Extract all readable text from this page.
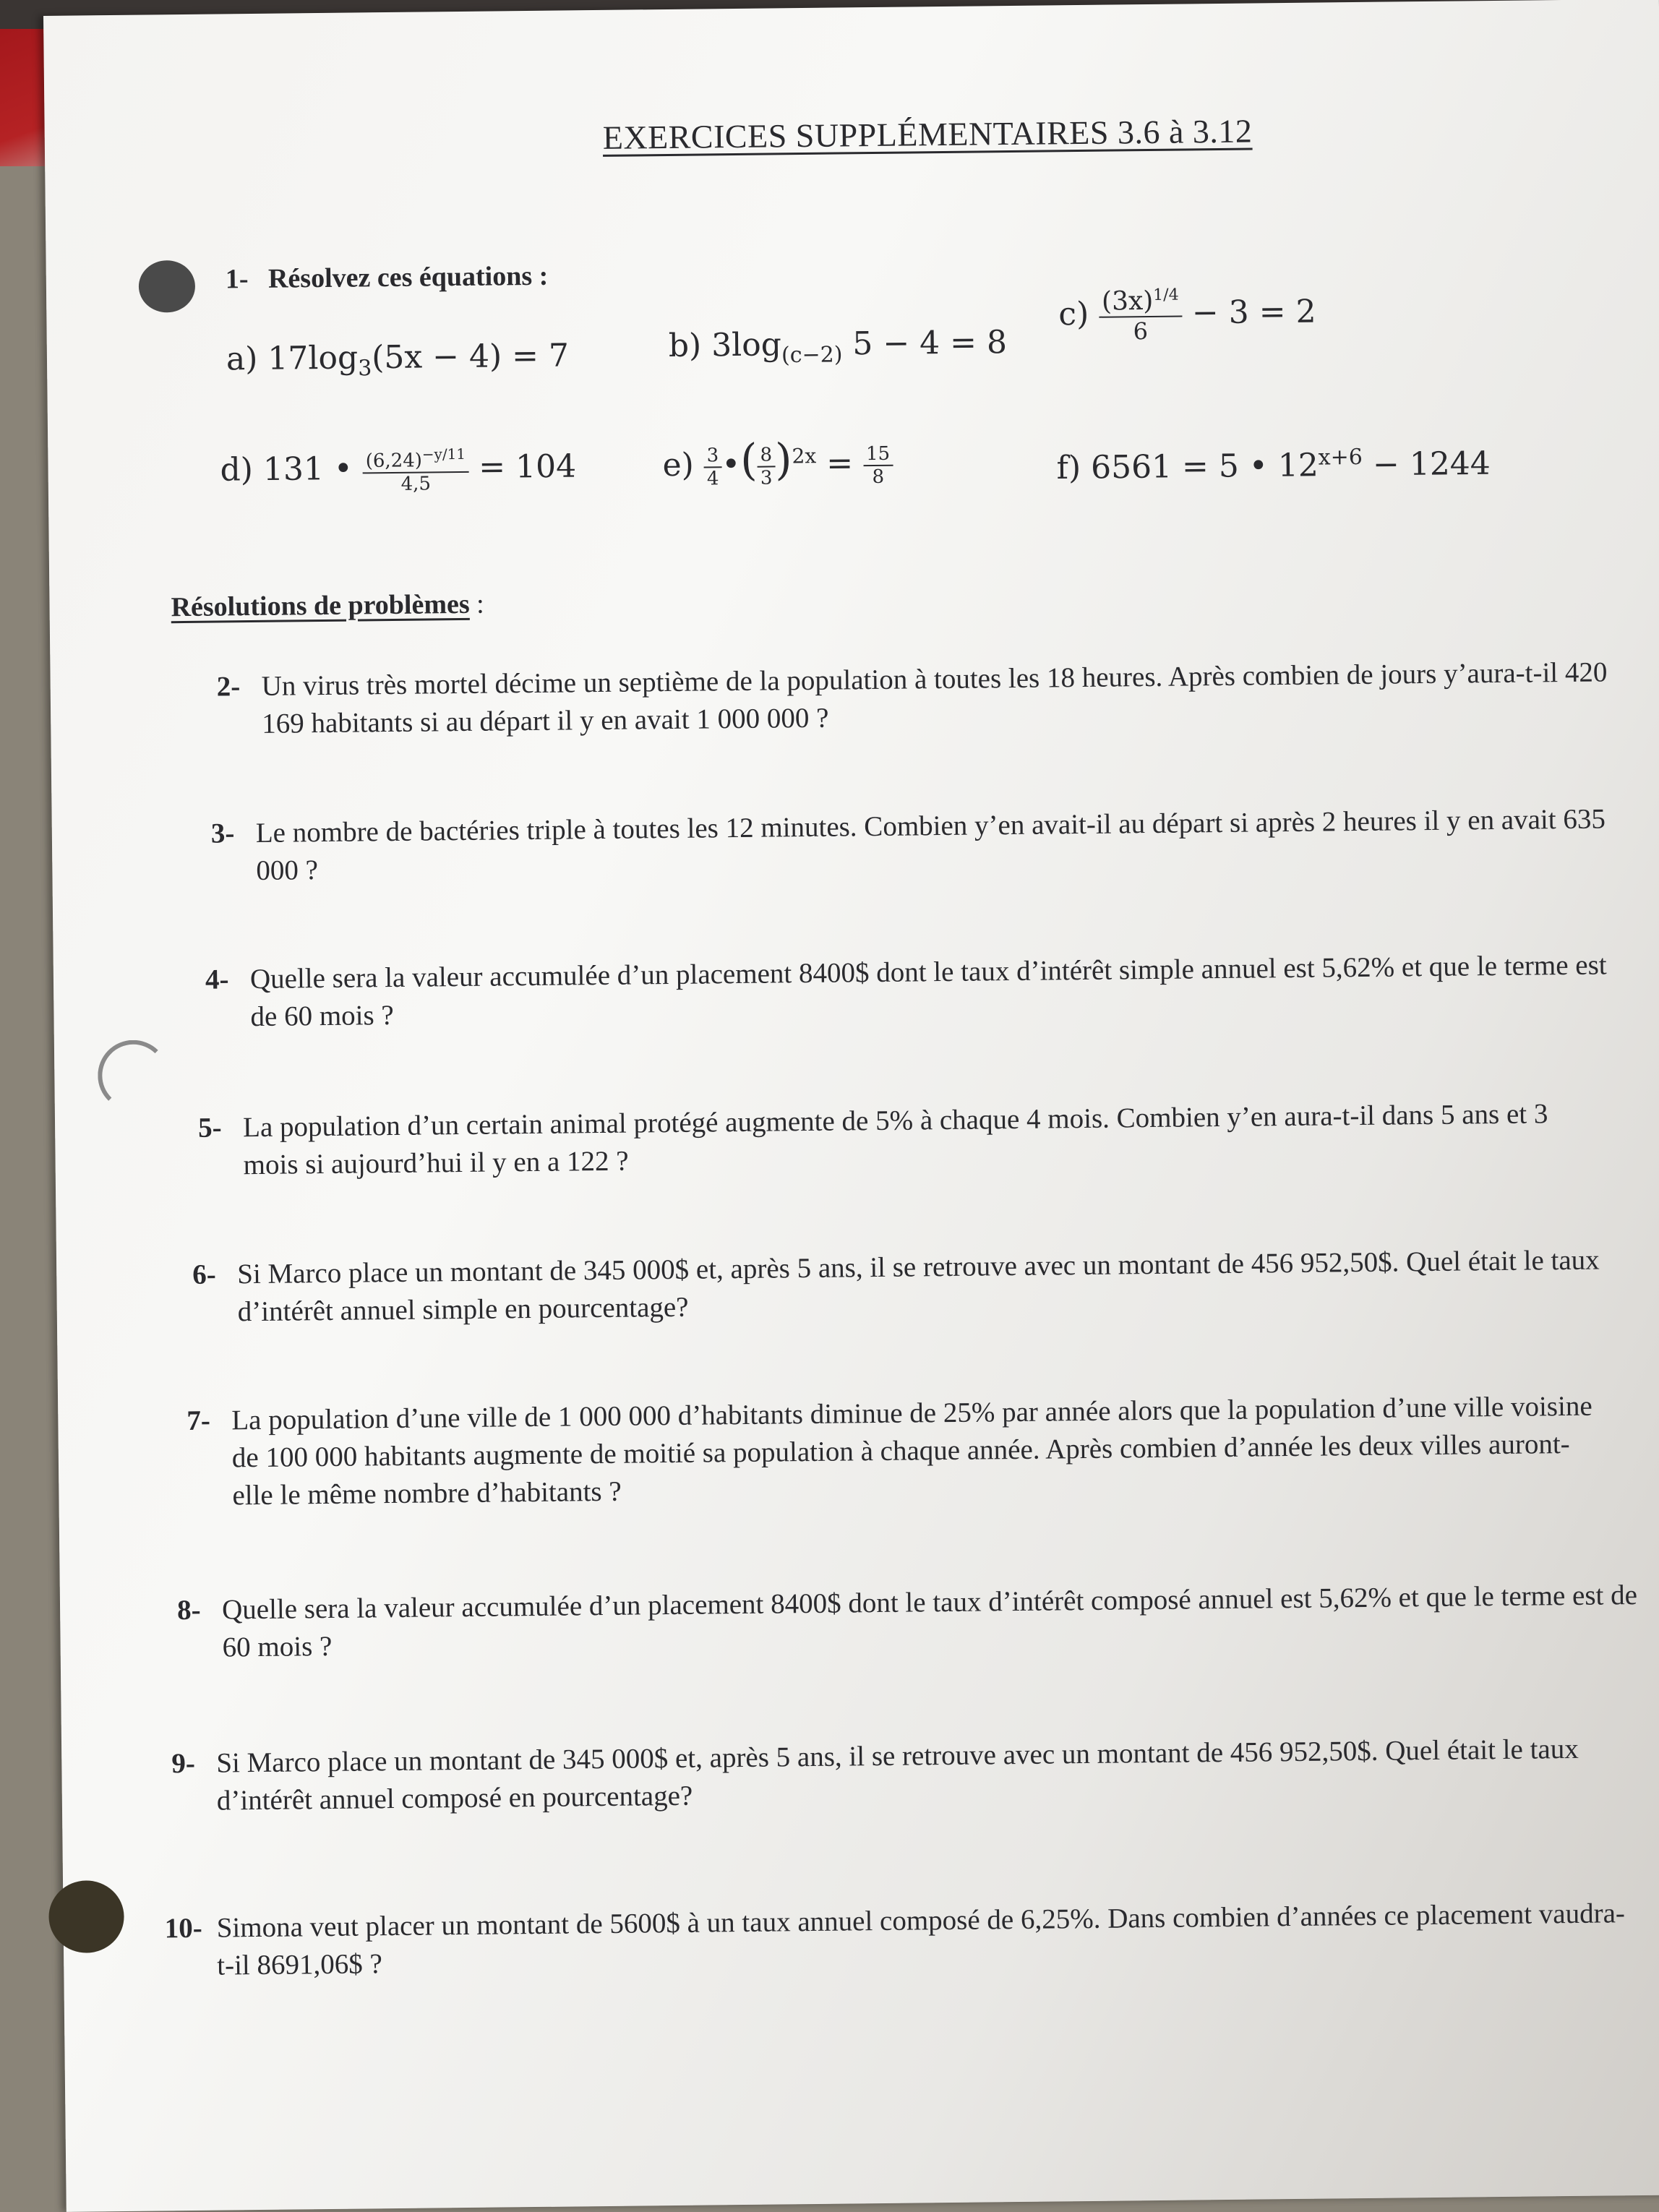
EXERCICES SUPPLÉMENTAIRES 3.6 à 3.12
1- Résolvez ces équations :
a) $17\log_3(5x - 4) = 7$	b) $3\log_{(c-2)}$ 5 − 4 = 8
$c) \frac{(3x)^{1/4}}{6} - 3 = 2$
d) 131 • $\frac{(6,24)^{-y/11}}{4,5} = 104$	$e) \frac{3}{4}$ •( $\frac{8}{3} )^{2x} = \frac{15}{8}$	f) 6561 = 5 • $12^{x+6} - 1244$
Résolutions de problèmes :
2- Un virus très mortel décime un septième de la population à toutes les 18 heures. Après combien de jours y’aura-t-il 420 169 habitants si au départ il y en avait 1 000 000 ?
3- Le nombre de bactéries triple à toutes les 12 minutes. Combien y’en avait-il au départ si après 2 heures il y en avait 635 000 ?
4- Quelle sera la valeur accumulée d’un placement 8400$ dont le taux d’intérêt simple annuel est 5,62% et que le terme est de 60 mois ?
5- La population d’un certain animal protégé augmente de 5% à chaque 4 mois. Combien y’en aura-t-il dans 5 ans et 3 mois si aujourd’hui il y en a 122 ?
6- Si Marco place un montant de 345 000$ et, après 5 ans, il se retrouve avec un montant de 456 952,50$. Quel était le taux d’intérêt annuel simple en pourcentage?
7- La population d’une ville de 1 000 000 d’habitants diminue de 25% par année alors que la population d’une ville voisine de 100 000 habitants augmente de moitié sa population à chaque année. Après combien d’année les deux villes auront-elle le même nombre d’habitants ?
8- Quelle sera la valeur accumulée d’un placement 8400$ dont le taux d’intérêt composé annuel est 5,62% et que le terme est de 60 mois ?
9- Si Marco place un montant de 345 000$ et, après 5 ans, il se retrouve avec un montant de 456 952,50$. Quel était le taux d’intérêt annuel composé en pourcentage?
10- Simona veut placer un montant de 5600$ à un taux annuel composé de 6,25%. Dans combien d’années ce placement vaudra-t-il 8691,06$ ?
